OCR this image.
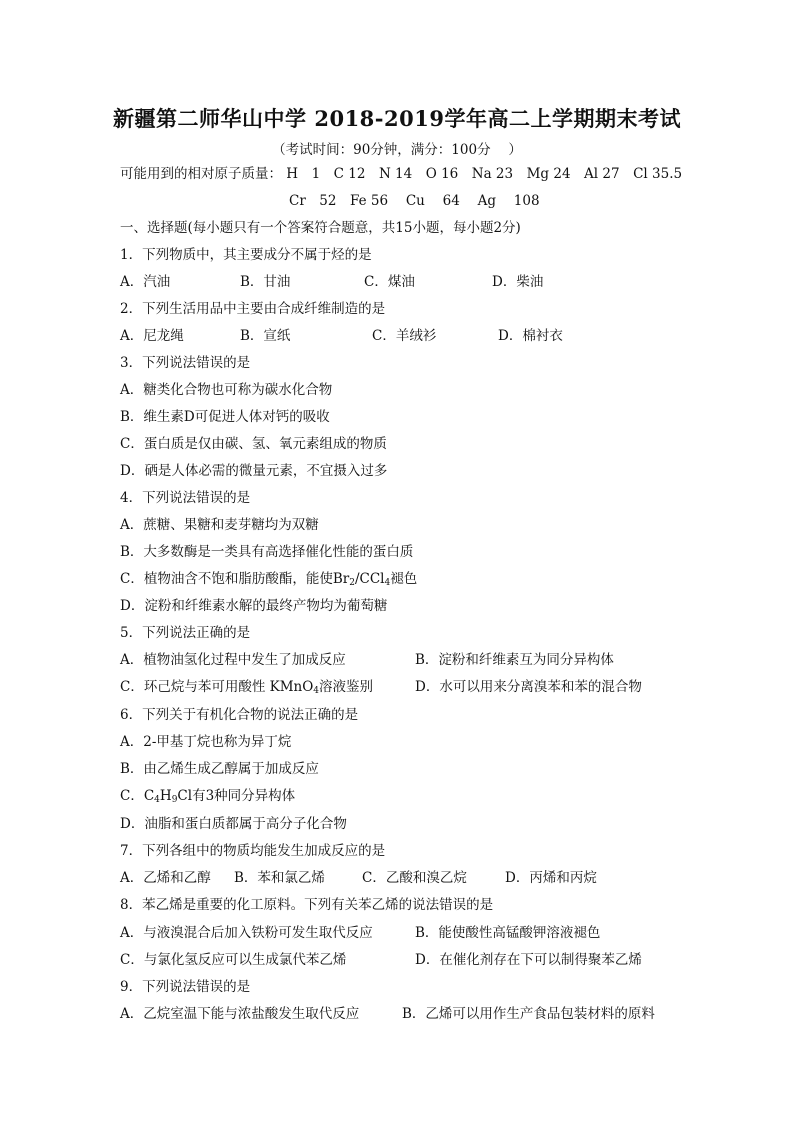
新疆第二师华山中学 2018-2019学年高二上学期期末考试
（考试时间：90分钟，满分：100分　 ）
可能用到的相对原子质量： H　1　C 12　N 14　O 16　Na 23　Mg 24　Al 27　Cl 35.5
Cr　52　Fe 56　 Cu　 64　 Ag　 108
一、选择题(每小题只有一个答案符合题意，共15小题，每小题2分)
1．下列物质中，其主要成分不属于烃的是
A．汽油	B．甘油	C．煤油	D．柴油
2．下列生活用品中主要由合成纤维制造的是
A．尼龙绳	B．宣纸	C．羊绒衫	D．棉衬衣
3．下列说法错误的是
A．糖类化合物也可称为碳水化合物
B．维生素D可促进人体对钙的吸收
C．蛋白质是仅由碳、氢、氧元素组成的物质
D．硒是人体必需的微量元素，不宜摄入过多
4．下列说法错误的是
A．蔗糖、果糖和麦芽糖均为双糖
B．大多数酶是一类具有高选择催化性能的蛋白质
C．植物油含不饱和脂肪酸酯，能使$Br_2/CCl_4$褪色
D．淀粉和纤维素水解的最终产物均为葡萄糖
5．下列说法正确的是
A．植物油氢化过程中发生了加成反应	B．淀粉和纤维素互为同分异构体
C．环己烷与苯可用酸性 KMnO$_4$溶液鉴别	D．水可以用来分离溴苯和苯的混合物
6．下列关于有机化合物的说法正确的是
A．2-甲基丁烷也称为异丁烷
B．由乙烯生成乙醇属于加成反应
C．$C_4H_9Cl$有3种同分异构体
D．油脂和蛋白质都属于高分子化合物
7．下列各组中的物质均能发生加成反应的是
A．乙烯和乙醇 B．苯和氯乙烯	C．乙酸和溴乙烷	D．丙烯和丙烷
8．苯乙烯是重要的化工原料。下列有关苯乙烯的说法错误的是
A．与液溴混合后加入铁粉可发生取代反应	B．能使酸性高锰酸钾溶液褪色
C．与氯化氢反应可以生成氯代苯乙烯	D．在催化剂存在下可以制得聚苯乙烯
9．下列说法错误的是
A．乙烷室温下能与浓盐酸发生取代反应	B．乙烯可以用作生产食品包装材料的原料
